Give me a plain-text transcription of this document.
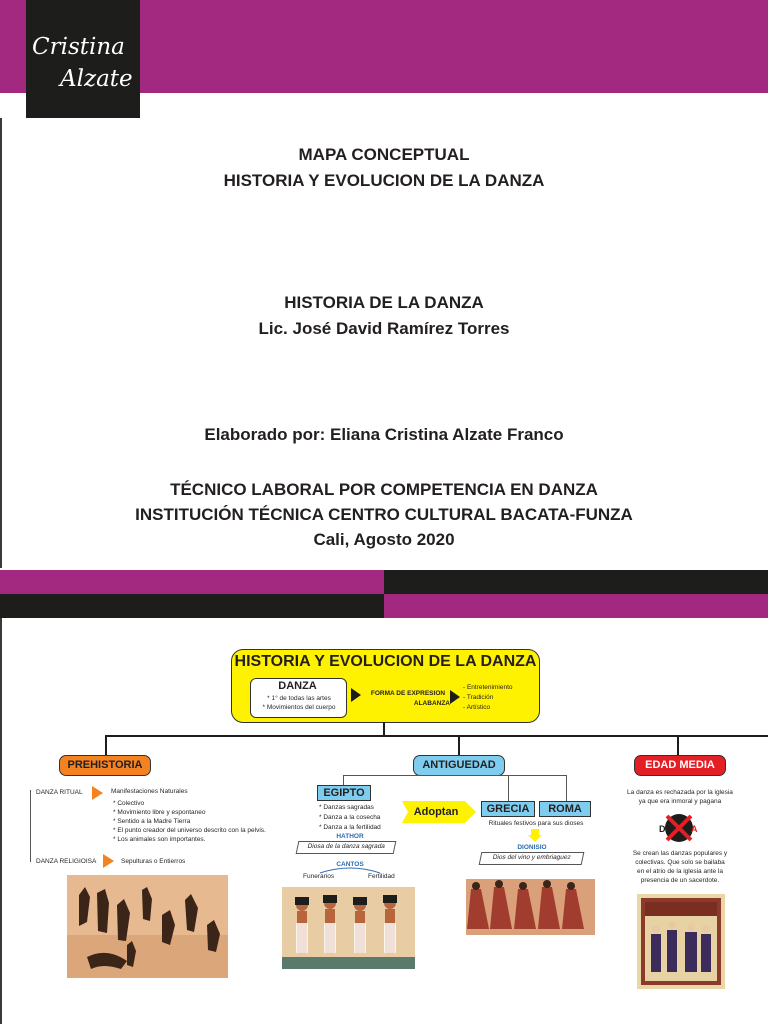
Cristina
Alzate
MAPA CONCEPTUAL
HISTORIA Y EVOLUCION DE LA DANZA
HISTORIA DE LA DANZA
Lic. José David Ramírez Torres
Elaborado por: Eliana Cristina Alzate Franco
TÉCNICO LABORAL POR COMPETENCIA EN DANZA
INSTITUCIÓN TÉCNICA CENTRO CULTURAL BACATA-FUNZA
Cali, Agosto 2020
HISTORIA Y EVOLUCION DE LA DANZA
DANZA
* 1° de todas las artes
* Movimientos del cuerpo
FORMA DE EXPRESION
ALABANZA
- Entretenimiento
- Tradición
- Artístico
PREHISTORIA
DANZA RITUAL	Manifestaciones Naturales
* Colectivo
* Movimiento libre y espontaneo
* Sentido a la Madre Tierra
* El punto creador del universo descrito con la pelvis.
* Los animales son importantes.
DANZA RELIGIOISA	Sepulturas o Entierros
ANTIGUEDAD
EGIPTO
* Danzas sagradas
* Danza a la cosecha
* Danza a la fertilidad
HATHOR
Diosa de la danza sagrada
CANTOS
Funerarios	Fertilidad
Adoptan	GRECIA	ROMA
Rituales festivos para sus dioses
DIONISIO
Dios del vino y embriaguez
EDAD MEDIA
La danza es rechazada por la iglesia
ya que era inmoral y pagana
D	A
Se crean las danzas populares y
colectivas. Que solo se bailaba
en el atrio de la iglesia ante la
presencia de un sacerdote.
